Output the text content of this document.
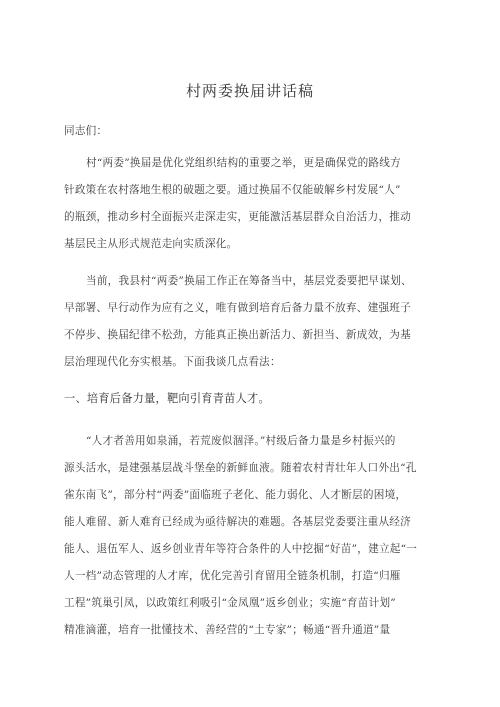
村两委换届讲话稿
同志们：
村“两委”换届是优化党组织结构的重要之举，更是确保党的路线方
针政策在农村落地生根的破题之要。通过换届不仅能破解乡村发展“人”
的瓶颈，推动乡村全面振兴走深走实，更能激活基层群众自治活力，推动
基层民主从形式规范走向实质深化。
当前，我县村“两委”换届工作正在筹备当中，基层党委要把早谋划、
早部署、早行动作为应有之义，唯有做到培育后备力量不放弃、建强班子
不停步、换届纪律不松劲，方能真正换出新活力、新担当、新成效，为基
层治理现代化夯实根基。下面我谈几点看法：
一、培育后备力量，靶向引育青苗人才。
“人才者善用如泉涌，若荒废似涸泽。”村级后备力量是乡村振兴的
源头活水，是建强基层战斗堡垒的新鲜血液。随着农村青壮年人口外出“孔
雀东南飞”，部分村“两委”面临班子老化、能力弱化、人才断层的困境，
能人难留、新人难育已经成为亟待解决的难题。各基层党委要注重从经济
能人、退伍军人、返乡创业青年等符合条件的人中挖掘“好苗”，建立起“一
人一档”动态管理的人才库，优化完善引育留用全链条机制，打造“归雁
工程”筑巢引凤，以政策红利吸引“金凤凰”返乡创业；实施“育苗计划”
精准滴灌，培育一批懂技术、善经营的“土专家”；畅通“晋升通道”量
